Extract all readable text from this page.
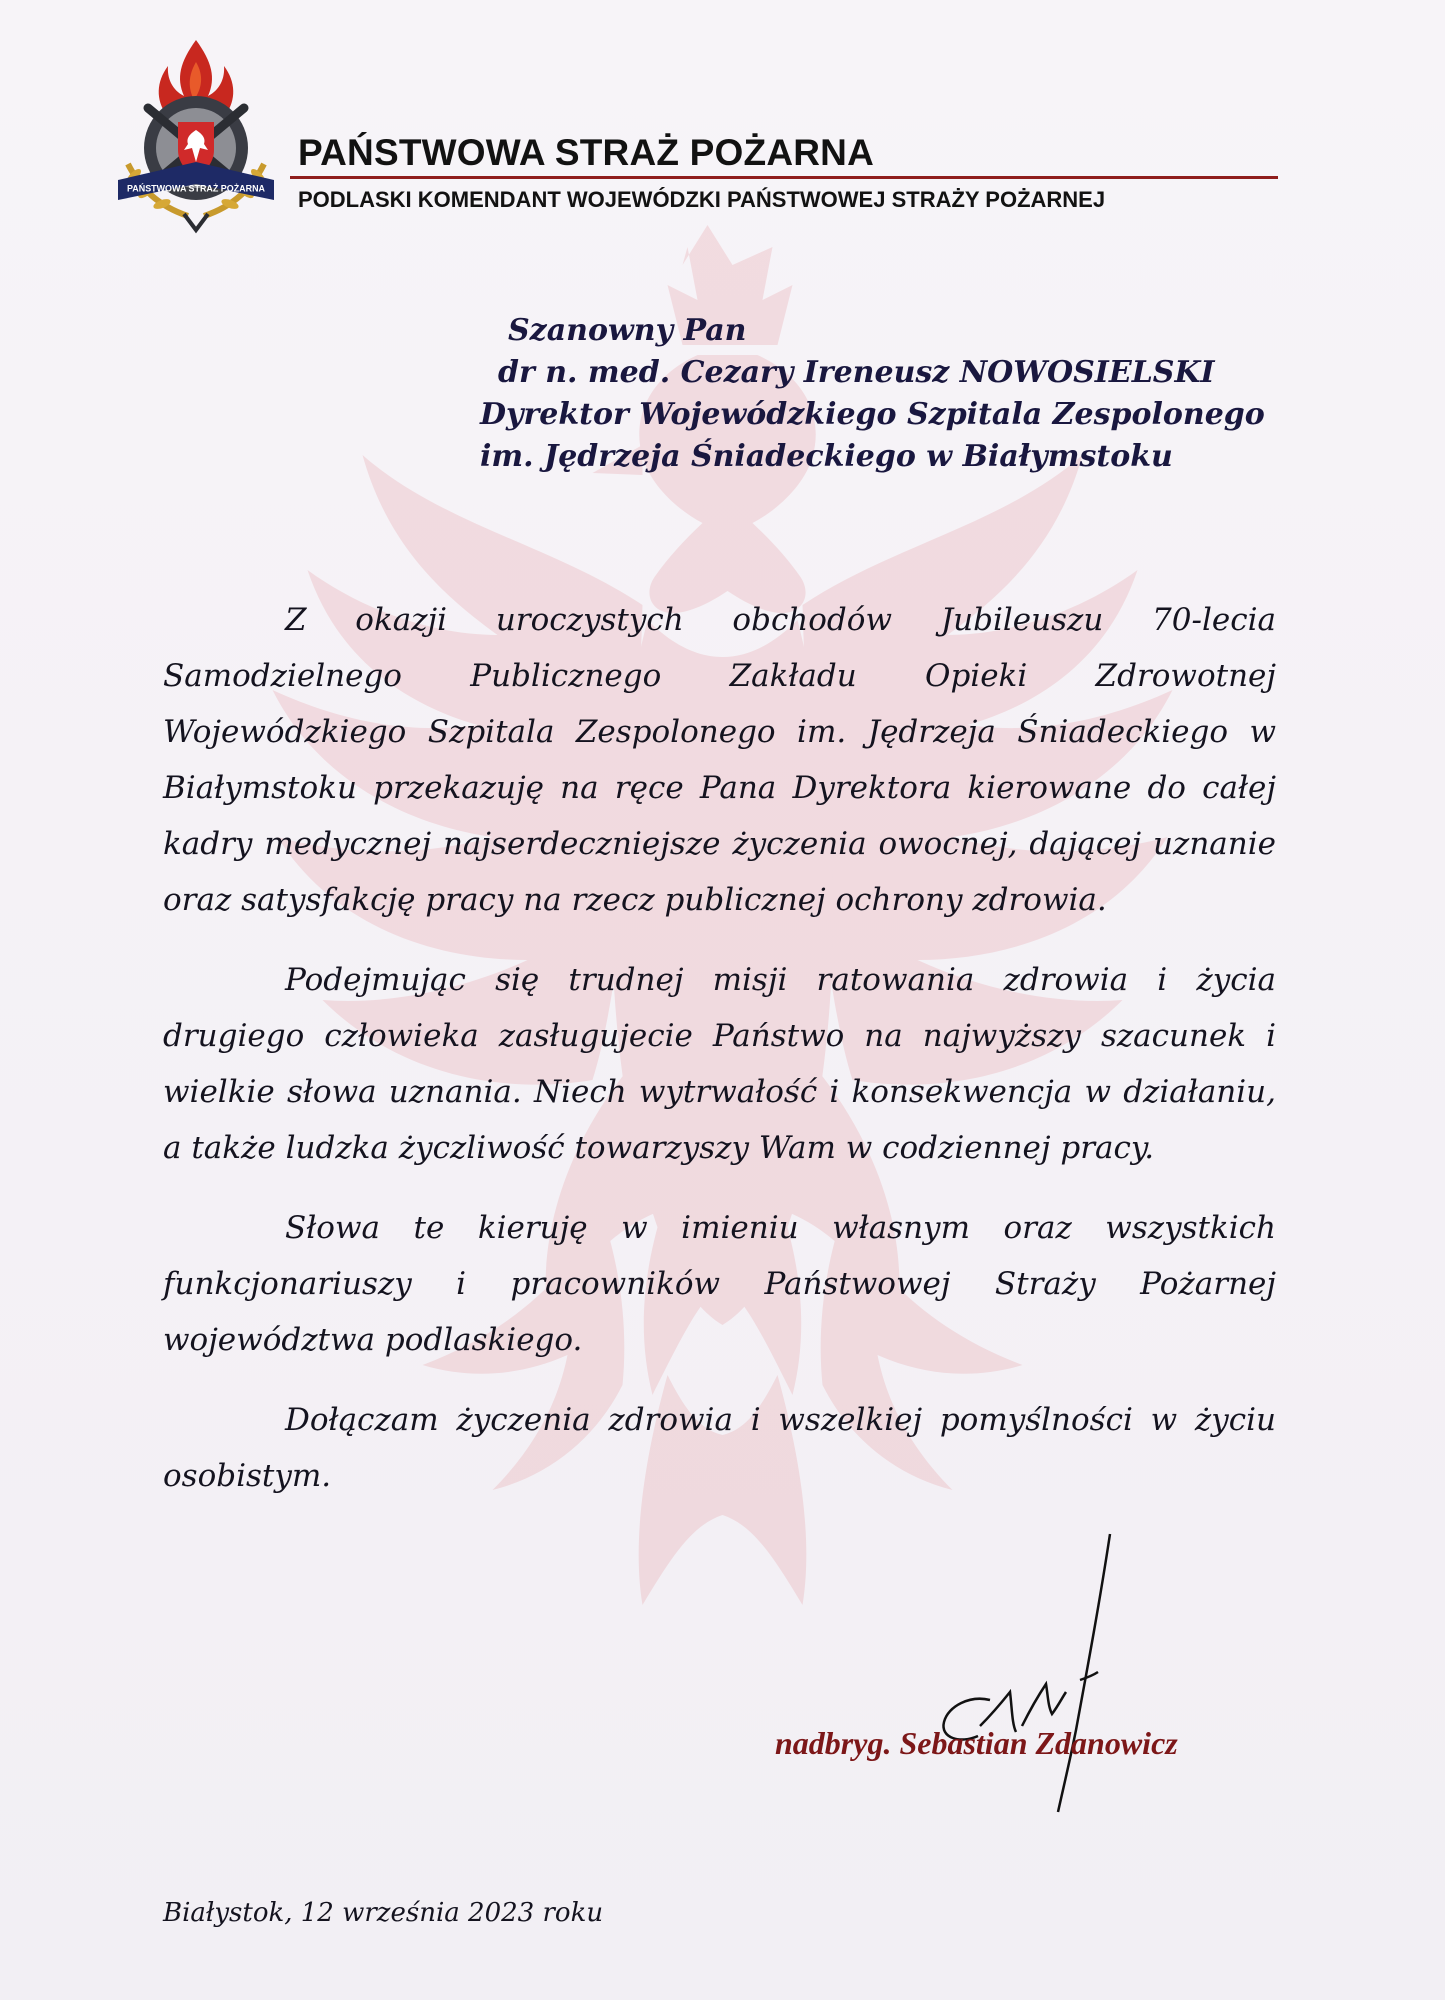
PAŃSTWOWA STRAŻ POŻARNA
PAŃSTWOWA STRAŻ POŻARNA
PODLASKI KOMENDANT WOJEWÓDZKI PAŃSTWOWEJ STRAŻY POŻARNEJ
Szanowny Pan
dr n. med. Cezary Ireneusz NOWOSIELSKI
Dyrektor Wojewódzkiego Szpitala Zespolonego
im. Jędrzeja Śniadeckiego w Białymstoku

Z okazji uroczystych obchodów Jubileuszu 70-lecia Samodzielnego Publicznego Zakładu Opieki Zdrowotnej Wojewódzkiego Szpitala Zespolonego im. Jędrzeja Śniadeckiego w Białymstoku przekazuję na ręce Pana Dyrektora kierowane do całej kadry medycznej najserdeczniejsze życzenia owocnej, dającej uznanie oraz satysfakcję pracy na rzecz publicznej ochrony zdrowia.

Podejmując się trudnej misji ratowania zdrowia i życia drugiego człowieka zasługujecie Państwo na najwyższy szacunek i wielkie słowa uznania. Niech wytrwałość i konsekwencja w działaniu, a także ludzka życzliwość towarzyszy Wam w codziennej pracy.

Słowa te kieruję w imieniu własnym oraz wszystkich funkcjonariuszy i pracowników Państwowej Straży Pożarnej województwa podlaskiego.

Dołączam życzenia zdrowia i wszelkiej pomyślności w życiu osobistym.

nadbryg. Sebastian Zdanowicz
Białystok, 12 września 2023 roku
